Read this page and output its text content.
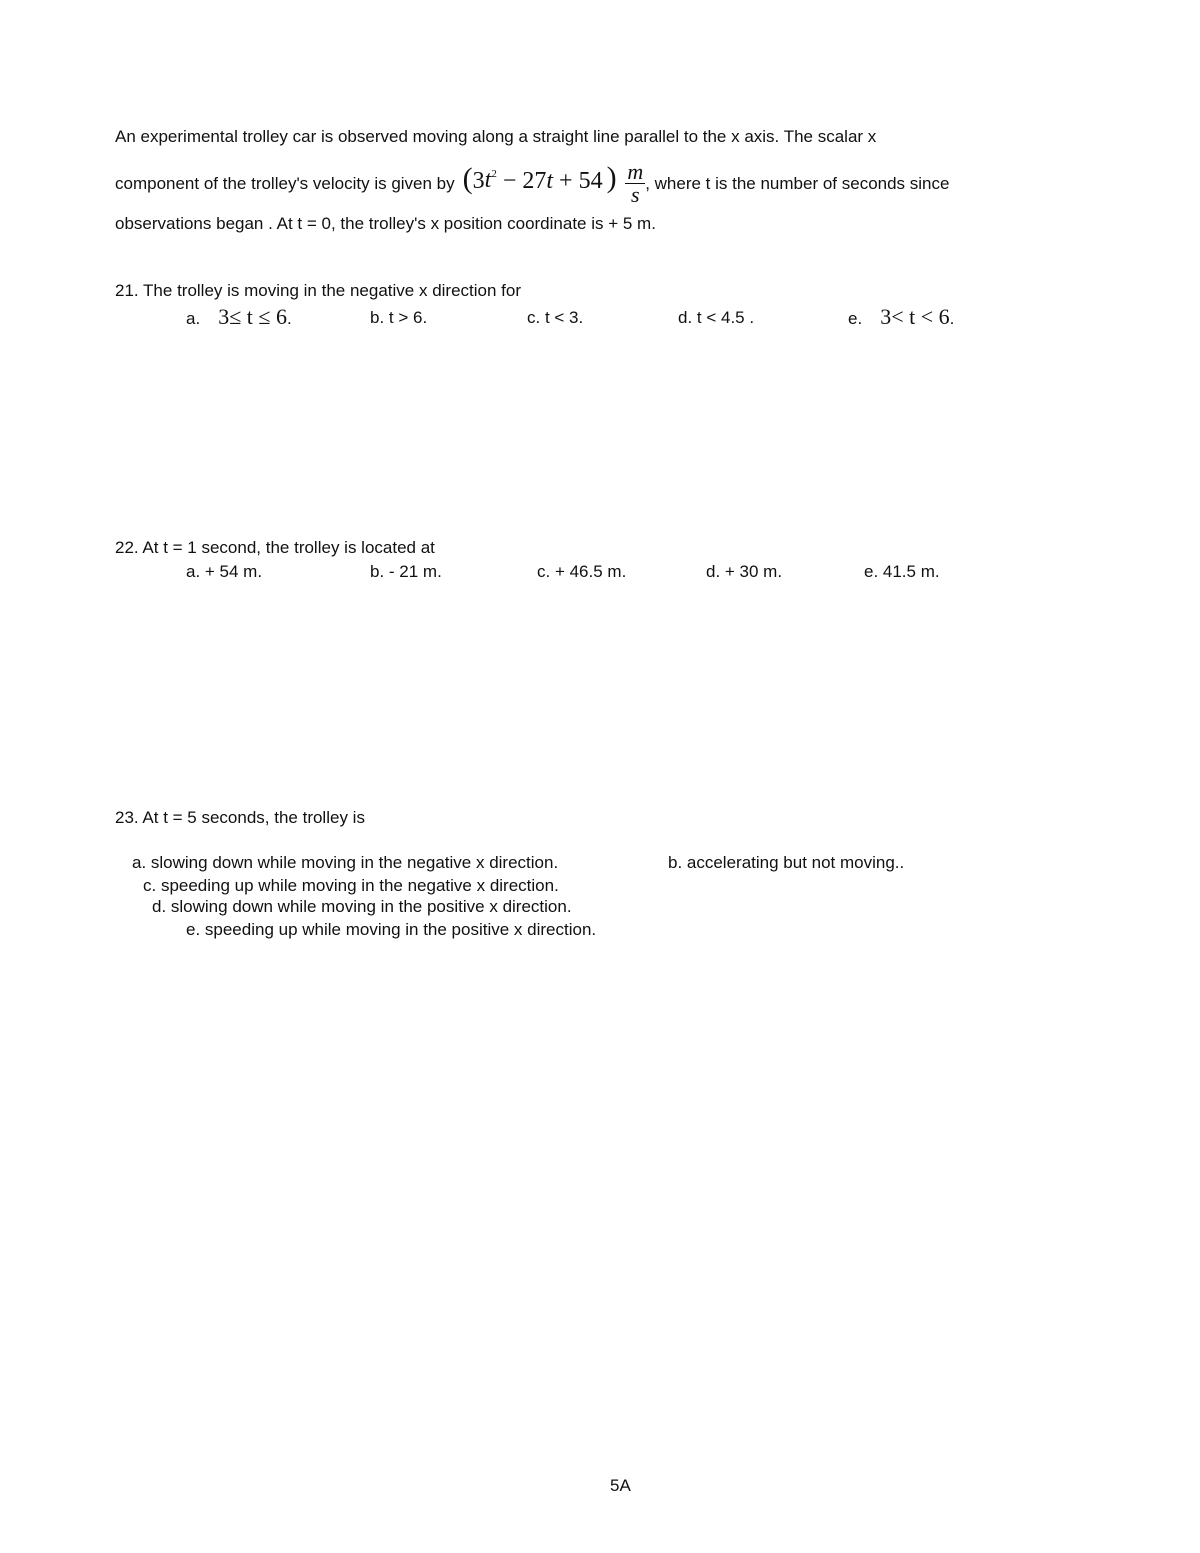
An experimental trolley car is observed moving along a straight line parallel to the x axis. The scalar x
component of the trolley's velocity is given by ($3t^2 - 27t + 54$ ) $\frac{m}{s}$ , where t is the number of seconds since
observations began . At t = 0, the trolley's x position coordinate is + 5 m.
21. The trolley is moving in the negative x direction for
a. 3≤ t ≤ 6 .	b. t > 6.	c. t < 3.	d. t < 4.5 .	e. 3< t < 6 .
22. At t = 1 second, the trolley is located at
a. + 54 m.	b. - 21 m.	c. + 46.5 m.	d. + 30 m.	e. 41.5 m.
23. At t = 5 seconds, the trolley is
a. slowing down while moving in the negative x direction.	b. accelerating but not moving..
c. speeding up while moving in the negative x direction.
d. slowing down while moving in the positive x direction.
e. speeding up while moving in the positive x direction.
5A
